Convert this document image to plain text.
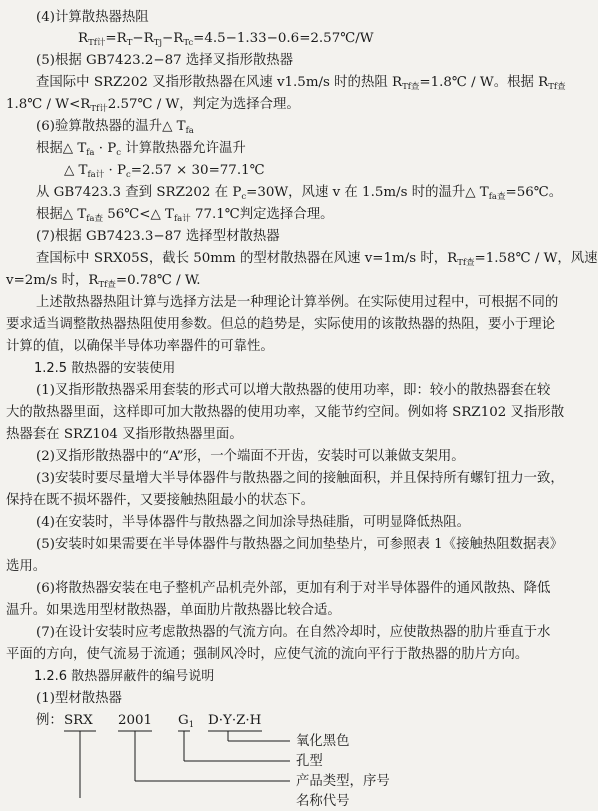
(4)计算散热器热阻
$R_{Tf计}=R_T-R_{Tj}-R_{Tc}=4.5-1.33-0.6=2.57℃/W$
(5)根据 GB7423.2−87 选择叉指形散热器
查国际中 SRZ202 叉指形散热器在风速 v1.5m/s 时的热阻 $R_{Tf查}=1.8℃ / W$。根据 $R_{Tf查}$
1.8℃ / $W<R_{Tf计}2.57℃ / W$，判定为选择合理。
(6)验算散热器的温升△ $T_{fa}$
根据△ $T_{fa} \cdot P_c$ 计算散热器允许温升
△ $T_{fa计} \cdot P_c=2.57$ × 30=77.1℃
从 GB7423.3 查到 SRZ202 在 $P_c=30W$，风速 v 在 1.5m/s 时的温升△ $T_{fa查}=56℃$。
根据△ $T_{fa查}$ 56℃<△ $T_{fa计}$ 77.1℃判定选择合理。
(7)根据 GB7423.3−87 选择型材散热器
查国标中 SRX05S，截长 50mm 的型材散热器在风速 v=1m/s 时，$R_{Tf查}=1.58℃ / W$，风速
v=2m/s 时，$R_{Tf查}=0.78℃ / W$.
上述散热器热阻计算与选择方法是一种理论计算举例。在实际使用过程中，可根据不同的
要求适当调整散热器热阻使用参数。但总的趋势是，实际使用的该散热器的热阻，要小于理论
计算的值，以确保半导体功率器件的可靠性。
1.2.5 散热器的安装使用
(1)叉指形散热器采用套装的形式可以增大散热器的使用功率，即：较小的散热器套在较
大的散热器里面，这样即可加大散热器的使用功率，又能节约空间。例如将 SRZ102 叉指形散
热器套在 SRZ104 叉指形散热器里面。
(2)叉指形散热器中的“A”形，一个端面不开齿，安装时可以兼做支架用。
(3)安装时要尽量增大半导体器件与散热器之间的接触面积，并且保持所有螺钉扭力一致，
保持在既不损坏器件，又要接触热阻最小的状态下。
(4)在安装时，半导体器件与散热器之间加涂导热硅脂，可明显降低热阻。
(5)安装时如果需要在半导体器件与散热器之间加垫垫片，可参照表 1《接触热阻数据表》
选用。
(6)将散热器安装在电子整机产品机壳外部，更加有利于对半导体器件的通风散热、降低
温升。如果选用型材散热器，单面肋片散热器比较合适。
(7)在设计安装时应考虑散热器的气流方向。在自然冷却时，应使散热器的肋片垂直于水
平面的方向，使气流易于流通；强制风冷时，应使气流的流向平行于散热器的肋片方向。
1.2.6 散热器屏蔽件的编号说明
(1)型材散热器
例： SRX 2001 $G_1$ D·Y·Z·H
氧化黑色
孔型
产品类型，序号
名称代号
